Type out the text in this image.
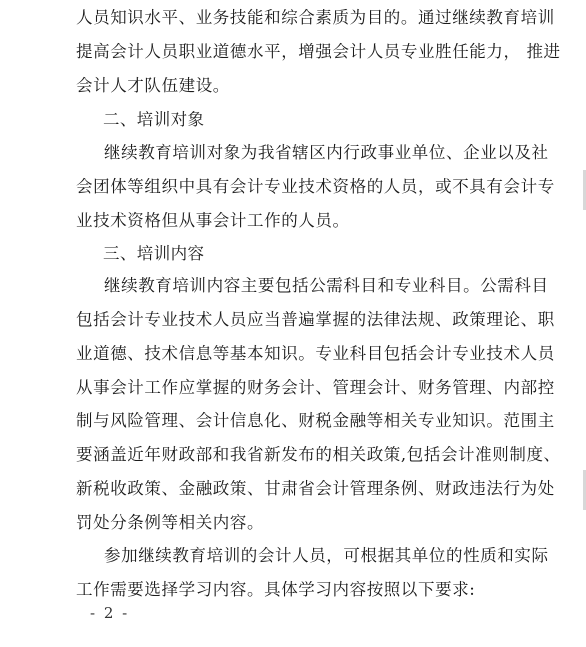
人员知识水平、业务技能和综合素质为目的。通过继续教育培训
提高会计人员职业道德水平，增强会计人员专业胜任能力， 推进
会计人才队伍建设。
二、培训对象
继续教育培训对象为我省辖区内行政事业单位、企业以及社
会团体等组织中具有会计专业技术资格的人员，或不具有会计专
业技术资格但从事会计工作的人员。
三、培训内容
继续教育培训内容主要包括公需科目和专业科目。公需科目
包括会计专业技术人员应当普遍掌握的法律法规、政策理论、职
业道德、技术信息等基本知识。专业科目包括会计专业技术人员
从事会计工作应掌握的财务会计、管理会计、财务管理、内部控
制与风险管理、会计信息化、财税金融等相关专业知识。范围主
要涵盖近年财政部和我省新发布的相关政策,包括会计准则制度、
新税收政策、金融政策、甘肃省会计管理条例、财政违法行为处
罚处分条例等相关内容。
参加继续教育培训的会计人员，可根据其单位的性质和实际
工作需要选择学习内容。具体学习内容按照以下要求:
- 2 -
